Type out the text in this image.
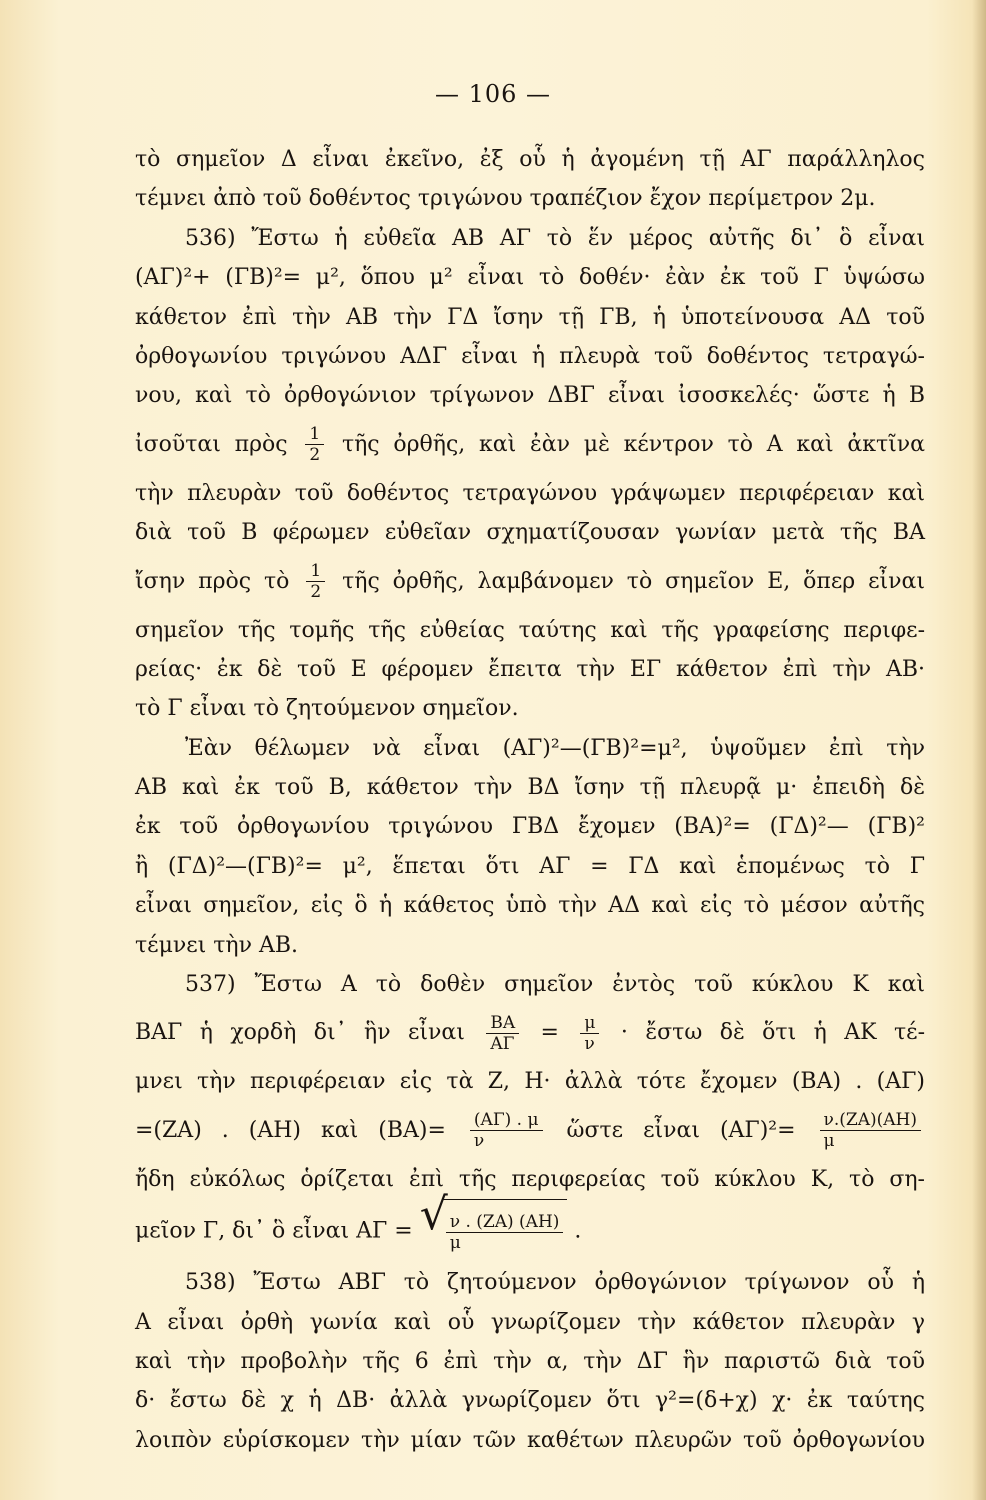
— 106 —
τὸ σημεῖον Δ εἶναι ἐκεῖνο, ἐξ οὗ ἡ ἀγομένη τῇ ΑΓ παράλληλος
τέμνει ἀπὸ τοῦ δοθέντος τριγώνου τραπέζιον ἔχον περίμετρον 2μ.
536) Ἔστω ἡ εὐθεῖα ΑΒ ΑΓ τὸ ἕν μέρος αὐτῆς δι᾽ ὃ εἶναι
(ΑΓ)²+ (ΓΒ)²= μ², ὅπου μ² εἶναι τὸ δοθέν· ἐὰν ἐκ τοῦ Γ ὑψώσω
κάθετον ἐπὶ τὴν ΑΒ τὴν ΓΔ ἴσην τῇ ΓΒ, ἡ ὑποτείνουσα ΑΔ τοῦ
ὀρθογωνίου τριγώνου ΑΔΓ εἶναι ἡ πλευρὰ τοῦ δοθέντος τετραγώ-
νου, καὶ τὸ ὀρθογώνιον τρίγωνον ΔΒΓ εἶναι ἰσοσκελές· ὥστε ἡ Β
ἰσοῦται πρὸς $\frac{1}{2}$ τῆς ὀρθῆς, καὶ ἐὰν μὲ κέντρον τὸ Α καὶ ἀκτῖνα
τὴν πλευρὰν τοῦ δοθέντος τετραγώνου γράψωμεν περιφέρειαν καὶ
διὰ τοῦ Β φέρωμεν εὐθεῖαν σχηματίζουσαν γωνίαν μετὰ τῆς ΒΑ
ἴσην πρὸς τὸ $\frac{1}{2}$ τῆς ὀρθῆς, λαμβάνομεν τὸ σημεῖον Ε, ὅπερ εἶναι
σημεῖον τῆς τομῆς τῆς εὐθείας ταύτης καὶ τῆς γραφείσης περιφε-
ρείας· ἐκ δὲ τοῦ Ε φέρομεν ἔπειτα τὴν ΕΓ κάθετον ἐπὶ τὴν ΑΒ·
τὸ Γ εἶναι τὸ ζητούμενον σημεῖον.
Ἐὰν θέλωμεν νὰ εἶναι (ΑΓ)²—(ΓΒ)²=μ², ὑψοῦμεν ἐπὶ τὴν
ΑΒ καὶ ἐκ τοῦ Β, κάθετον τὴν ΒΔ ἴσην τῇ πλευρᾷ μ· ἐπειδὴ δὲ
ἐκ τοῦ ὀρθογωνίου τριγώνου ΓΒΔ ἔχομεν (ΒΑ)²= (ΓΔ)²— (ΓΒ)²
ἢ (ΓΔ)²—(ΓΒ)²= μ², ἕπεται ὅτι ΑΓ = ΓΔ καὶ ἑπομένως τὸ Γ
εἶναι σημεῖον, εἰς ὃ ἡ κάθετος ὑπὸ τὴν ΑΔ καὶ εἰς τὸ μέσον αὐτῆς
τέμνει τὴν ΑΒ.
537) Ἔστω Α τὸ δοθὲν σημεῖον ἐντὸς τοῦ κύκλου Κ καὶ
ΒΑΓ ἡ χορδὴ δι᾽ ἣν εἶναι $\frac{BA}{A\Gamma} = \frac{\mu}{\nu}$ · ἔστω δὲ ὅτι ἡ ΑΚ τέ-
μνει τὴν περιφέρειαν εἰς τὰ Ζ, Η· ἀλλὰ τότε ἔχομεν (ΒΑ) . (ΑΓ)
=(ΖΑ) . (ΑΗ) καὶ $(BA)= \frac{(A\Gamma) . \mu}{\nu}$ ὥστε εἶναι $(A\Gamma)^2= \frac{\nu.(ZA)(AH)}{\mu}$
ἤδη εὐκόλως ὁρίζεται ἐπὶ τῆς περιφερείας τοῦ κύκλου Κ, τὸ ση-
μεῖον Γ, δι᾽ ὃ εἶναι ΑΓ = √
$\frac{\nu . (ZA) (AH)}{\mu}$ .
538) Ἔστω ΑΒΓ τὸ ζητούμενον ὀρθογώνιον τρίγωνον οὗ ἡ
Α εἶναι ὀρθὴ γωνία καὶ οὗ γνωρίζομεν τὴν κάθετον πλευρὰν γ
καὶ τὴν προβολὴν τῆς 6 ἐπὶ τὴν α, τὴν ΔΓ ἣν παριστῶ διὰ τοῦ
δ· ἔστω δὲ χ ἡ ΔΒ· ἀλλὰ γνωρίζομεν ὅτι γ²=(δ+χ) χ· ἐκ ταύτης
λοιπὸν εὑρίσκομεν τὴν μίαν τῶν καθέτων πλευρῶν τοῦ ὀρθογωνίου
